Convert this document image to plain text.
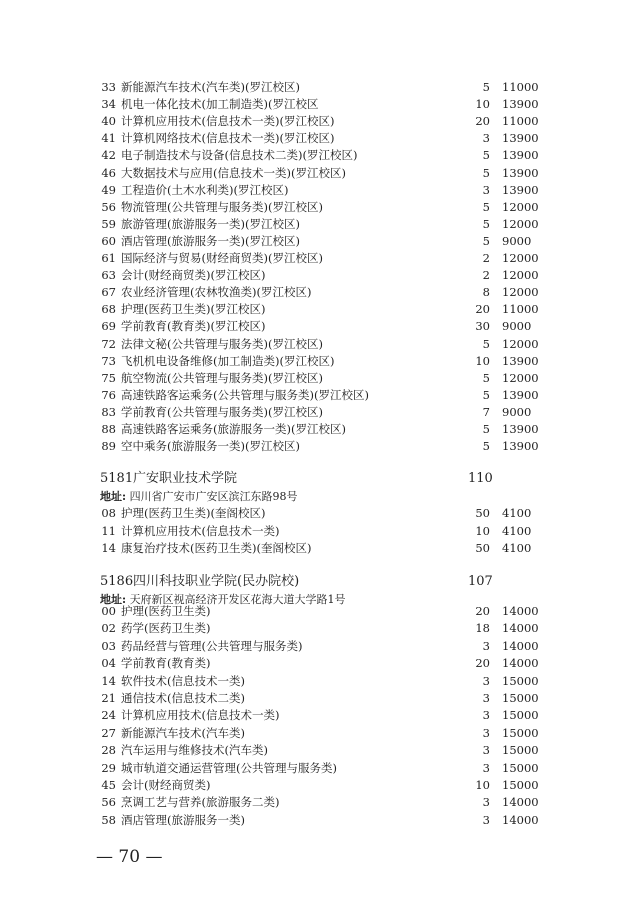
33 新能源汽车技术(汽车类)(罗江校区)	5 11000
34 机电一体化技术(加工制造类)(罗江校区	10 13900
40 计算机应用技术(信息技术一类)(罗江校区)	20 11000
41 计算机网络技术(信息技术一类)(罗江校区)	3 13900
42 电子制造技术与设备(信息技术二类)(罗江校区)	5 13900
46 大数据技术与应用(信息技术一类)(罗江校区)	5 13900
49 工程造价(土木水利类)(罗江校区)	3 13900
56 物流管理(公共管理与服务类)(罗江校区)	5 12000
59 旅游管理(旅游服务一类)(罗江校区)	5 12000
60 酒店管理(旅游服务一类)(罗江校区)	5 9000
61 国际经济与贸易(财经商贸类)(罗江校区)	2 12000
63 会计(财经商贸类)(罗江校区)	2 12000
67 农业经济管理(农林牧渔类)(罗江校区)	8 12000
68 护理(医药卫生类)(罗江校区)	20 11000
69 学前教育(教育类)(罗江校区)	30 9000
72 法律文秘(公共管理与服务类)(罗江校区)	5 12000
73 飞机机电设备维修(加工制造类)(罗江校区)	10 13900
75 航空物流(公共管理与服务类)(罗江校区)	5 12000
76 高速铁路客运乘务(公共管理与服务类)(罗江校区)	5 13900
83 学前教育(公共管理与服务类)(罗江校区)	7 9000
88 高速铁路客运乘务(旅游服务一类)(罗江校区)	5 13900
89 空中乘务(旅游服务一类)(罗江校区)	5 13900
5181 广安职业技术学院	110
地址: 四川省广安市广安区滨江东路98号
08 护理(医药卫生类)(奎阁校区)	50 4100
11 计算机应用技术(信息技术一类)	10 4100
14 康复治疗技术(医药卫生类)(奎阁校区)	50 4100
5186 四川科技职业学院(民办院校)	107
地址: 天府新区视高经济开发区花海大道大学路1号
00 护理(医药卫生类)	20 14000
02 药学(医药卫生类)	18 14000
03 药品经营与管理(公共管理与服务类)	3 14000
04 学前教育(教育类)	20 14000
14 软件技术(信息技术一类)	3 15000
21 通信技术(信息技术二类)	3 15000
24 计算机应用技术(信息技术一类)	3 15000
27 新能源汽车技术(汽车类)	3 15000
28 汽车运用与维修技术(汽车类)	3 15000
29 城市轨道交通运营管理(公共管理与服务类)	3 15000
45 会计(财经商贸类)	10 15000
56 烹调工艺与营养(旅游服务二类)	3 14000
58 酒店管理(旅游服务一类)	3 14000
— 70 —
